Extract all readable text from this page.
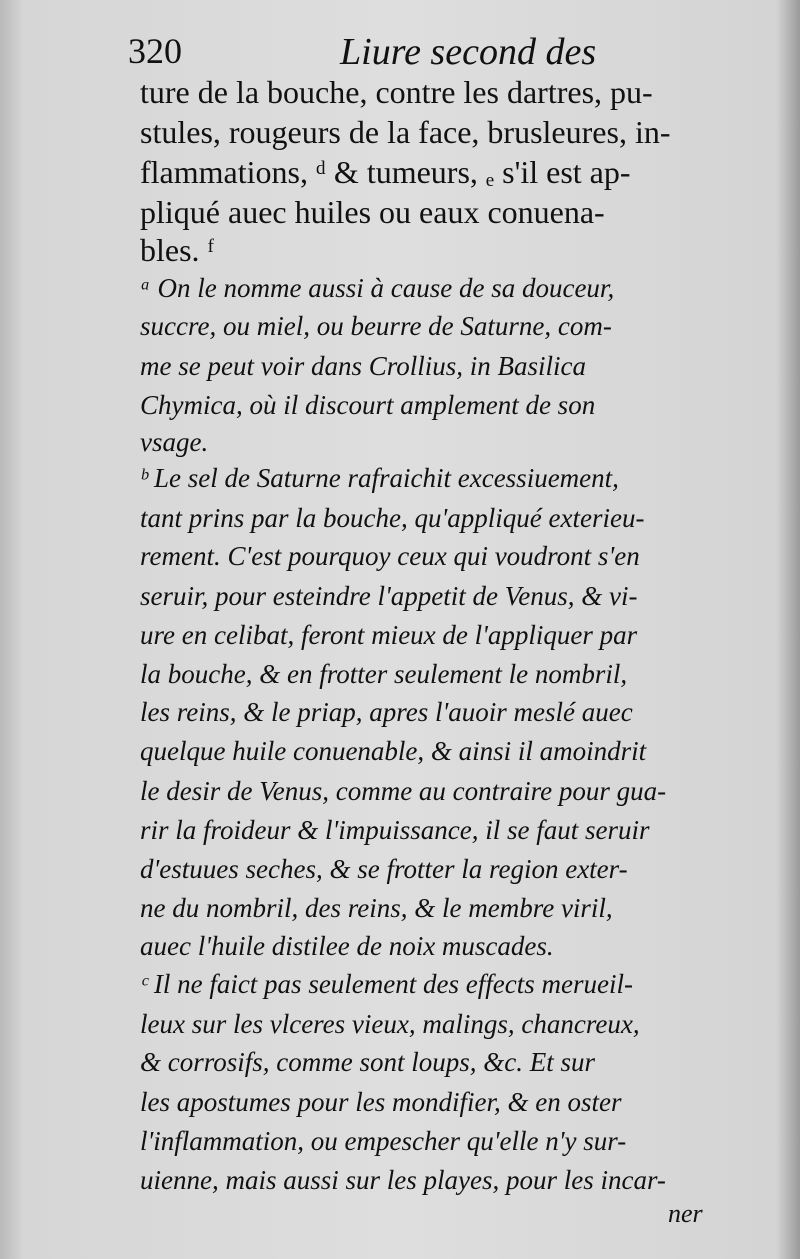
320	Liure second des
ture de la bouche, contre les dartres, pu-
stules, rougeurs de la face, brusleures, in-
flammations, ᵈ & tumeurs, ₑ s'il est ap-
pliqué auec huiles ou eaux conuena-
bles. ᶠ
ᵃ On le nomme aussi à cause de sa douceur,
succre, ou miel, ou beurre de Saturne, com-
me se peut voir dans Crollius, in Basilica
Chymica, où il discourt amplement de son
vsage.
ᵇ Le sel de Saturne rafraichit excessiuement,
tant prins par la bouche, qu'appliqué exterieu-
rement. C'est pourquoy ceux qui voudront s'en
seruir, pour esteindre l'appetit de Venus, & vi-
ure en celibat, feront mieux de l'appliquer par
la bouche, & en frotter seulement le nombril,
les reins, & le priap, apres l'auoir meslé auec
quelque huile conuenable, & ainsi il amoindrit
le desir de Venus, comme au contraire pour gua-
rir la froideur & l'impuissance, il se faut seruir
d'estuues seches, & se frotter la region exter-
ne du nombril, des reins, & le membre viril,
auec l'huile distilee de noix muscades.
ᶜ Il ne faict pas seulement des effects merueil-
leux sur les vlceres vieux, malings, chancreux,
& corrosifs, comme sont loups, &c. Et sur
les apostumes pour les mondifier, & en oster
l'inflammation, ou empescher qu'elle n'y sur-
uienne, mais aussi sur les playes, pour les incar-
ner
